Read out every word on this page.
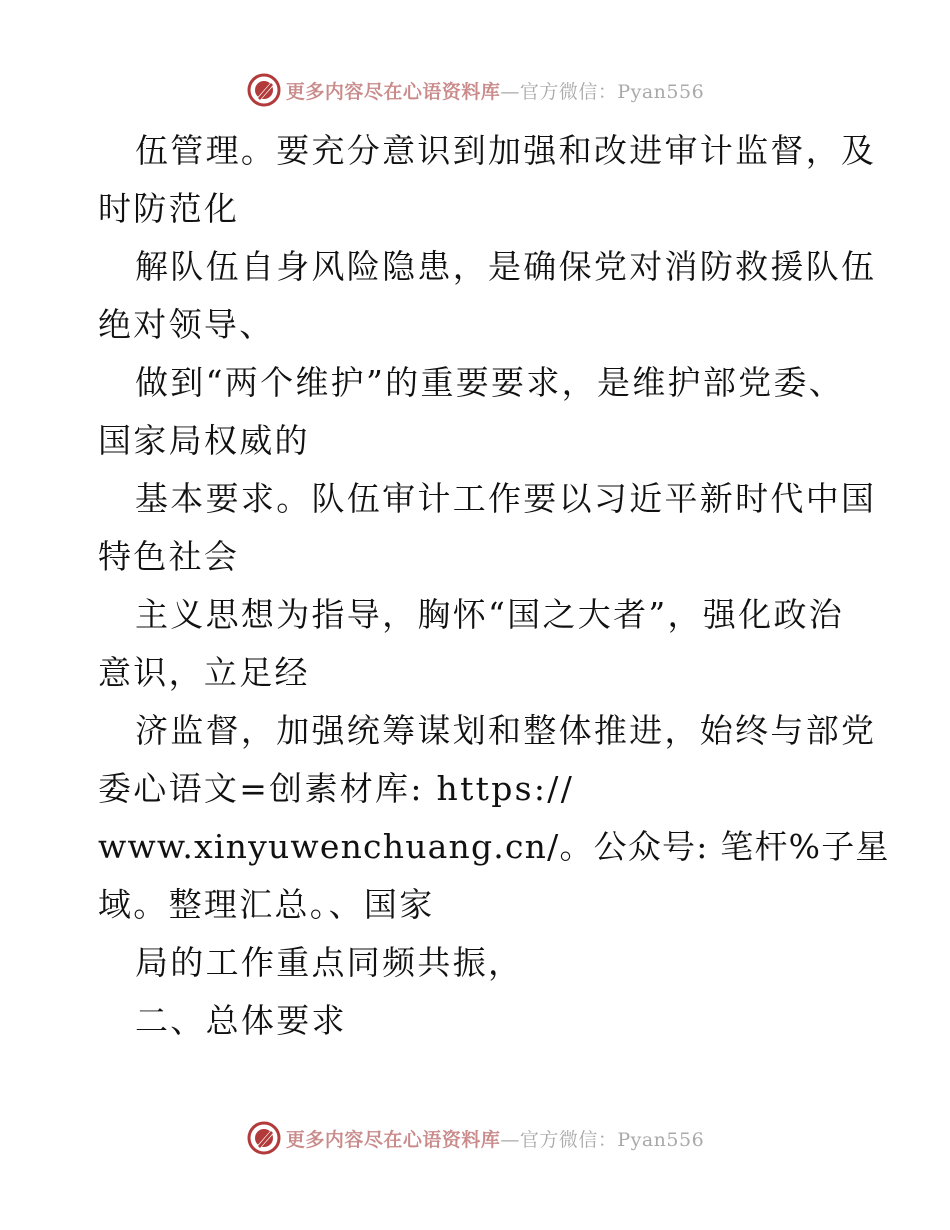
更多内容尽在心语资料库—官方微信：Pyan556
伍管理。要充分意识到加强和改进审计监督，及
时防范化
解队伍自身风险隐患，是确保党对消防救援队伍
绝对领导、
做到“两个维护”的重要要求，是维护部党委、
国家局权威的
基本要求。队伍审计工作要以习近平新时代中国
特色社会
主义思想为指导，胸怀“国之大者”，强化政治
意识，立足经
济监督，加强统筹谋划和整体推进，始终与部党
委心语文=创素材库: https://
www.xinyuwenchuang.cn/。公众号: 笔杆%子星
域。整理汇总。、国家
局的工作重点同频共振，
二、总体要求
更多内容尽在心语资料库—官方微信：Pyan556
